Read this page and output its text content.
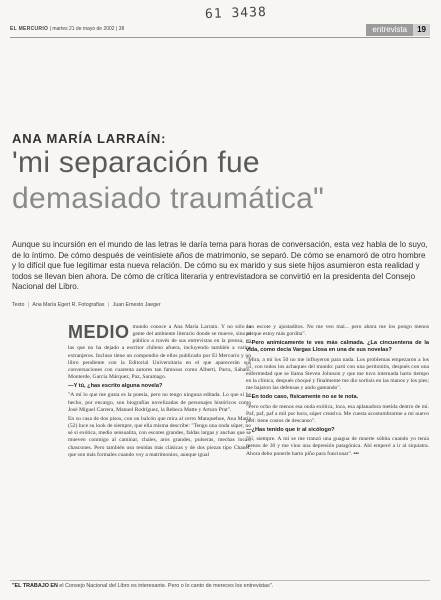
61 3438
EL MERCURIO | martes 21 de mayo de 2002 | 38	entrevista	19
ANA MARÍA LARRAÍN:
'mi separación fue
demasiado traumática"
Aunque su incursión en el mundo de las letras le daría tema para horas de conversación, esta vez habla de lo suyo, de lo íntimo. De cómo después de veintisiete años de matrimonio, se separó. De cómo se enamoró de otro hombre y lo difícil que fue legitimar esta nueva relación. De cómo su ex marido y sus siete hijos asumieron esta realidad y todos se llevan bien ahora. De cómo de crítica literaria y entrevistadora se convirtió en la presidenta del Consejo Nacional del Libro.
Texto | Ana María Egert R. Fotografías | Juan Ernesto Jaeger

MEDIO mundo conoce a Ana María Larraín. Y no sólo la gente del ambiente literario donde se mueve, sino el público a través de sus entrevistas en la prensa, en las que no ha dejado a escritor chileno afuera, incluyendo también a varios extranjeros. Incluso tiene un compendio de ellos publicado por El Mercurio y un libro pendiente con la Editorial Universitaria en el que aparecerán sus conversaciones con cuarenta autores tan famosos como Alberti, Parra, Sábato, Monterde, García Márquez, Paz, Saramago.

—Y tú, ¿has escrito alguna novela?

"A mí lo que me gusta es la poesía, pero no tengo ninguna editada. Lo que sí he hecho, por encargo, son biografías novelizadas de personajes históricos como José Miguel Carrera, Manuel Rodríguez, la Rebeca Matte y Arturo Prat".

En su casa de dos pisos, con un balcón que mira al cerro Manquehue, Ana María (52) luce su look de siempre, que ella misma describe: "Tengo una onda súper, no sé si exótica, medio sensualita, con escotes grandes, faldas largas y anchas que se mueven conmigo al caminar, chales, aros grandes, pulseras, mechas locas, chascones. Pero también uso tenidas más clásicas y de dos piezas tipo Chanel, que son más formales cuando voy a matrimonios, aunque igual

con escote y ajustaditos. No me veo mal... pero ahora me los pongo menos porque estoy más gordita".

—Pero anímicamente te ves más calmada. ¿La cincuentena de la vida, como decía Vargas Llosa en una de sus novelas?

"Mira, a mí los 50 no me influyeron para nada. Los problemas empezaron a los 51, con todos los achaques del mundo: partí con una peritonitis, después con una enfermedad que se llama Steven Johnson y que me tuvo internada harto tiempo en la clínica, después choqué y finalmente me dio sortisis en las manos y los pies; me bajaron las defensas y ando gateando".

—En todo caso, físicamente no se te nota.

"Pero ocho de menos esa onda exótica, loca, esa aplanadora metida dentro de mí. Paf, paf, paf a mil por hora, súper creativa. Me cuesta acostumbrarme a mi nuevo piel: tiene costos de descanso".

—¿Has tenido que ir al sicólogo?

"Sí, siempre. A mí se me tranzó una guagua de muerte súbita cuando yo tenía menos de 30 y me vino una depresión patagónica. Ahí empecé a ir al siquiatra. Ahora debo ponerle harto piño para funcionar". •••

"EL TRABAJO EN el Consejo Nacional del Libro es interesante. Pero o lo canto de mereces los entrevistas".
